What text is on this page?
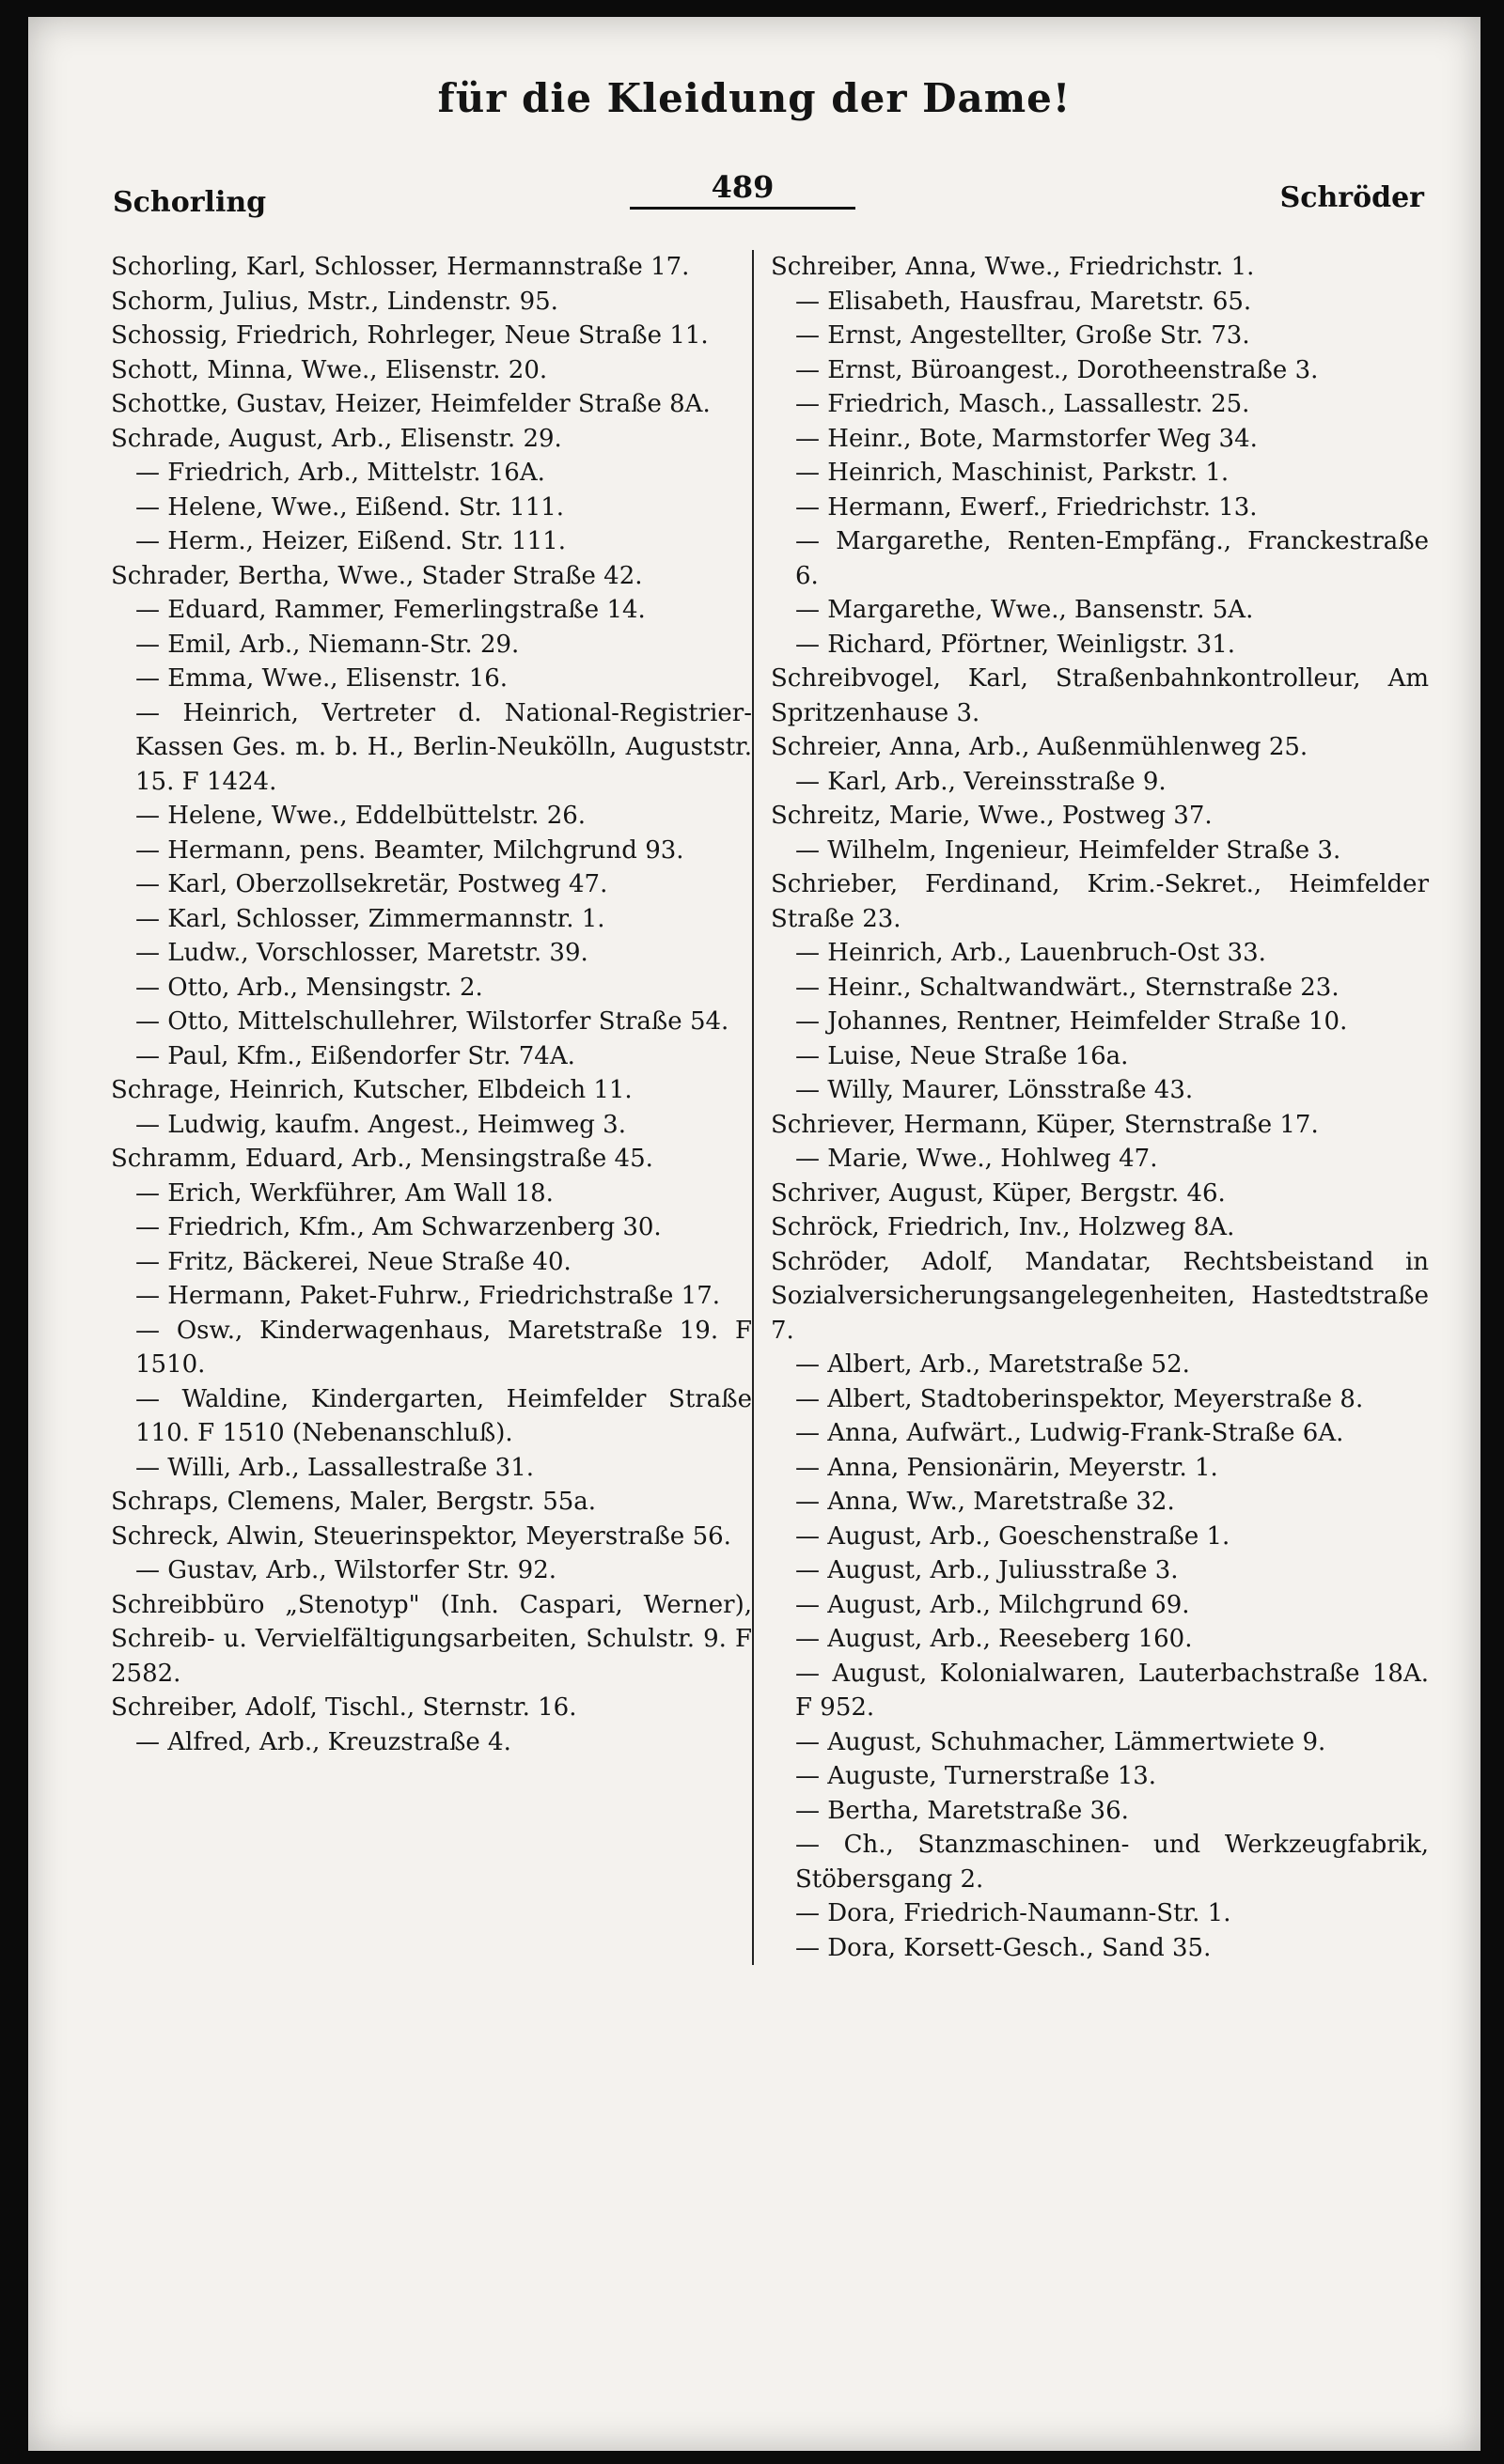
für die Kleidung der Dame!
Schorling	489	Schröder
Schorling, Karl, Schlosser, Hermannstraße 17.
Schorm, Julius, Mstr., Lindenstr. 95.
Schossig, Friedrich, Rohrleger, Neue Straße 11.
Schott, Minna, Wwe., Elisenstr. 20.
Schottke, Gustav, Heizer, Heimfelder Straße 8A.
Schrade, August, Arb., Elisenstr. 29.
— Friedrich, Arb., Mittelstr. 16A.
— Helene, Wwe., Eißend. Str. 111.
— Herm., Heizer, Eißend. Str. 111.
Schrader, Bertha, Wwe., Stader Straße 42.
— Eduard, Rammer, Femerlingstraße 14.
— Emil, Arb., Niemann-Str. 29.
— Emma, Wwe., Elisenstr. 16.
— Heinrich, Vertreter d. National-Registrier-Kassen Ges. m. b. H., Berlin-Neukölln, Auguststr. 15. F 1424.
— Helene, Wwe., Eddelbüttelstr. 26.
— Hermann, pens. Beamter, Milchgrund 93.
— Karl, Oberzollsekretär, Postweg 47.
— Karl, Schlosser, Zimmermannstr. 1.
— Ludw., Vorschlosser, Maretstr. 39.
— Otto, Arb., Mensingstr. 2.
— Otto, Mittelschullehrer, Wilstorfer Straße 54.
— Paul, Kfm., Eißendorfer Str. 74A.
Schrage, Heinrich, Kutscher, Elbdeich 11.
— Ludwig, kaufm. Angest., Heimweg 3.
Schramm, Eduard, Arb., Mensingstraße 45.
— Erich, Werkführer, Am Wall 18.
— Friedrich, Kfm., Am Schwarzenberg 30.
— Fritz, Bäckerei, Neue Straße 40.
— Hermann, Paket-Fuhrw., Friedrichstraße 17.
— Osw., Kinderwagenhaus, Maretstraße 19. F 1510.
— Waldine, Kindergarten, Heimfelder Straße 110. F 1510 (Nebenanschluß).
— Willi, Arb., Lassallestraße 31.
Schraps, Clemens, Maler, Bergstr. 55a.
Schreck, Alwin, Steuerinspektor, Meyerstraße 56.
— Gustav, Arb., Wilstorfer Str. 92.
Schreibbüro „Stenotyp" (Inh. Caspari, Werner), Schreib- u. Vervielfältigungsarbeiten, Schulstr. 9. F 2582.
Schreiber, Adolf, Tischl., Sternstr. 16.
— Alfred, Arb., Kreuzstraße 4.
Schreiber, Anna, Wwe., Friedrichstr. 1.
— Elisabeth, Hausfrau, Maretstr. 65.
— Ernst, Angestellter, Große Str. 73.
— Ernst, Büroangest., Dorotheenstraße 3.
— Friedrich, Masch., Lassallestr. 25.
— Heinr., Bote, Marmstorfer Weg 34.
— Heinrich, Maschinist, Parkstr. 1.
— Hermann, Ewerf., Friedrichstr. 13.
— Margarethe, Renten-Empfäng., Franckestraße 6.
— Margarethe, Wwe., Bansenstr. 5A.
— Richard, Pförtner, Weinligstr. 31.
Schreibvogel, Karl, Straßenbahnkontrolleur, Am Spritzenhause 3.
Schreier, Anna, Arb., Außenmühlenweg 25.
— Karl, Arb., Vereinsstraße 9.
Schreitz, Marie, Wwe., Postweg 37.
— Wilhelm, Ingenieur, Heimfelder Straße 3.
Schrieber, Ferdinand, Krim.-Sekret., Heimfelder Straße 23.
— Heinrich, Arb., Lauenbruch-Ost 33.
— Heinr., Schaltwandwärt., Sternstraße 23.
— Johannes, Rentner, Heimfelder Straße 10.
— Luise, Neue Straße 16a.
— Willy, Maurer, Lönsstraße 43.
Schriever, Hermann, Küper, Sternstraße 17.
— Marie, Wwe., Hohlweg 47.
Schriver, August, Küper, Bergstr. 46.
Schröck, Friedrich, Inv., Holzweg 8A.
Schröder, Adolf, Mandatar, Rechtsbeistand in Sozialversicherungsangelegenheiten, Hastedtstraße 7.
— Albert, Arb., Maretstraße 52.
— Albert, Stadtoberinspektor, Meyerstraße 8.
— Anna, Aufwärt., Ludwig-Frank-Straße 6A.
— Anna, Pensionärin, Meyerstr. 1.
— Anna, Ww., Maretstraße 32.
— August, Arb., Goeschenstraße 1.
— August, Arb., Juliusstraße 3.
— August, Arb., Milchgrund 69.
— August, Arb., Reeseberg 160.
— August, Kolonialwaren, Lauterbachstraße 18A. F 952.
— August, Schuhmacher, Lämmertwiete 9.
— Auguste, Turnerstraße 13.
— Bertha, Maretstraße 36.
— Ch., Stanzmaschinen- und Werkzeugfabrik, Stöbersgang 2.
— Dora, Friedrich-Naumann-Str. 1.
— Dora, Korsett-Gesch., Sand 35.
